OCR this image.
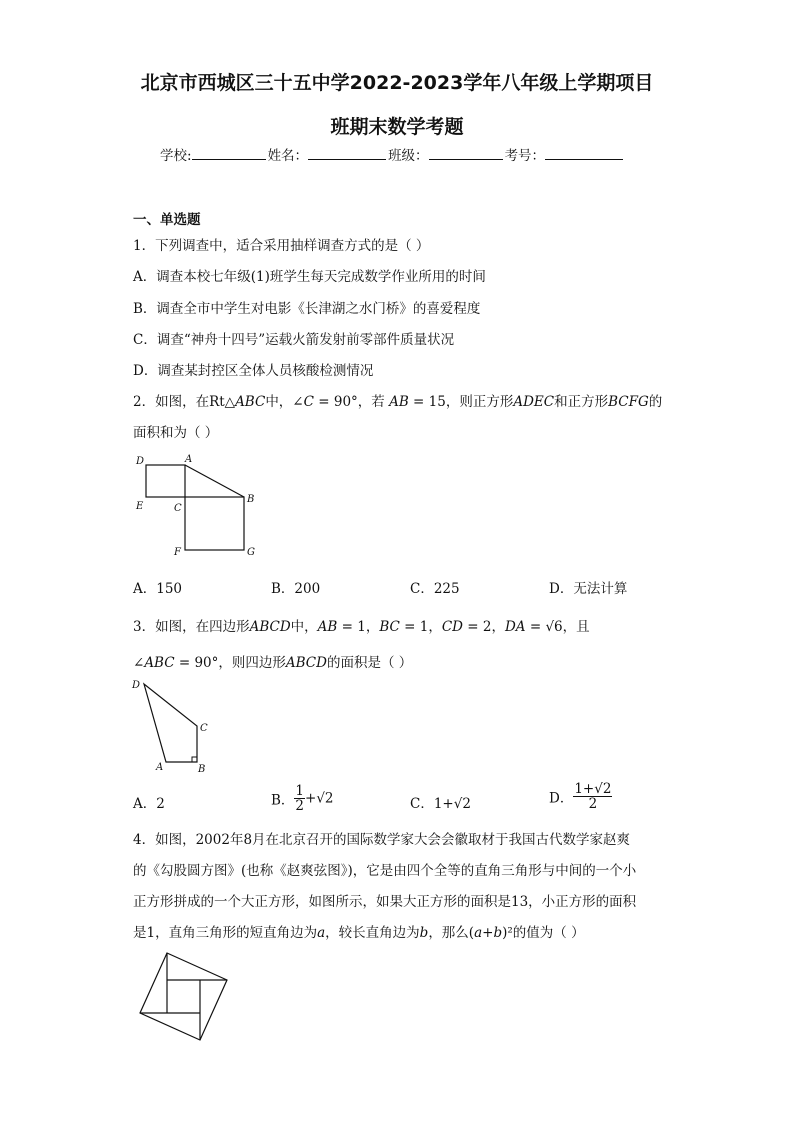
北京市西城区三十五中学2022-2023学年八年级上学期项目
班期末数学考题
学校:	姓名：	班级：	考号：
一、单选题
1．下列调查中，适合采用抽样调查方式的是（ ）
A．调查本校七年级(1)班学生每天完成数学作业所用的时间
B．调查全市中学生对电影《长津湖之水门桥》的喜爱程度
C．调查“神舟十四号”运载火箭发射前零部件质量状况
D．调查某封控区全体人员核酸检测情况
2．如图，在Rt△ABC中，∠C = 90°，若 AB = 15，则正方形ADEC和正方形BCFG的
面积和为（ ）
D	A
B
E	C
F	G
A．150	B．200	C．225	D．无法计算
3．如图，在四边形ABCD中，AB = 1，BC = 1，CD = 2，DA = √6，且
∠ABC = 90°，则四边形ABCD的面积是（ ）
D
C
A	B
A．2	B． $\frac{1}{2} +√2$	C．1+√2	D． $\frac{1+√2}{2}$
4．如图，2002年8月在北京召开的国际数学家大会会徽取材于我国古代数学家赵爽
的《勾股圆方图》(也称《赵爽弦图》)，它是由四个全等的直角三角形与中间的一个小
正方形拼成的一个大正方形，如图所示，如果大正方形的面积是13，小正方形的面积
是1，直角三角形的短直角边为a，较长直角边为b，那么(a+b)²的值为（ ）
